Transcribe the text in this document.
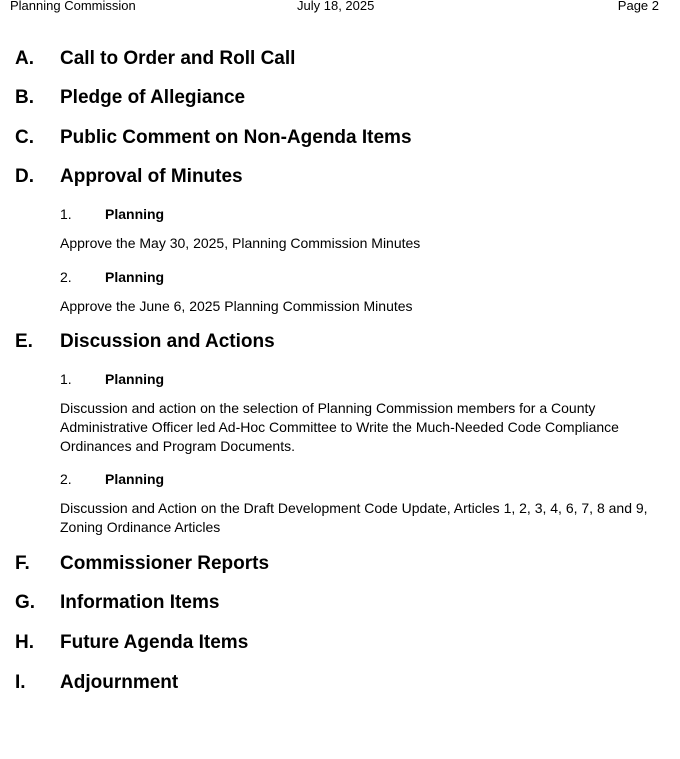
Planning Commission	July 18, 2025	Page 2
A. Call to Order and Roll Call
B. Pledge of Allegiance
C. Public Comment on Non-Agenda Items
D. Approval of Minutes
1. Planning
Approve the May 30, 2025, Planning Commission Minutes
2. Planning
Approve the June 6, 2025 Planning Commission Minutes
E. Discussion and Actions
1. Planning
Discussion and action on the selection of Planning Commission members for a County Administrative Officer led Ad-Hoc Committee to Write the Much-Needed Code Compliance Ordinances and Program Documents.
2. Planning
Discussion and Action on the Draft Development Code Update, Articles 1, 2, 3, 4, 6, 7, 8 and 9, Zoning Ordinance Articles
F. Commissioner Reports
G. Information Items
H. Future Agenda Items
I. Adjournment
